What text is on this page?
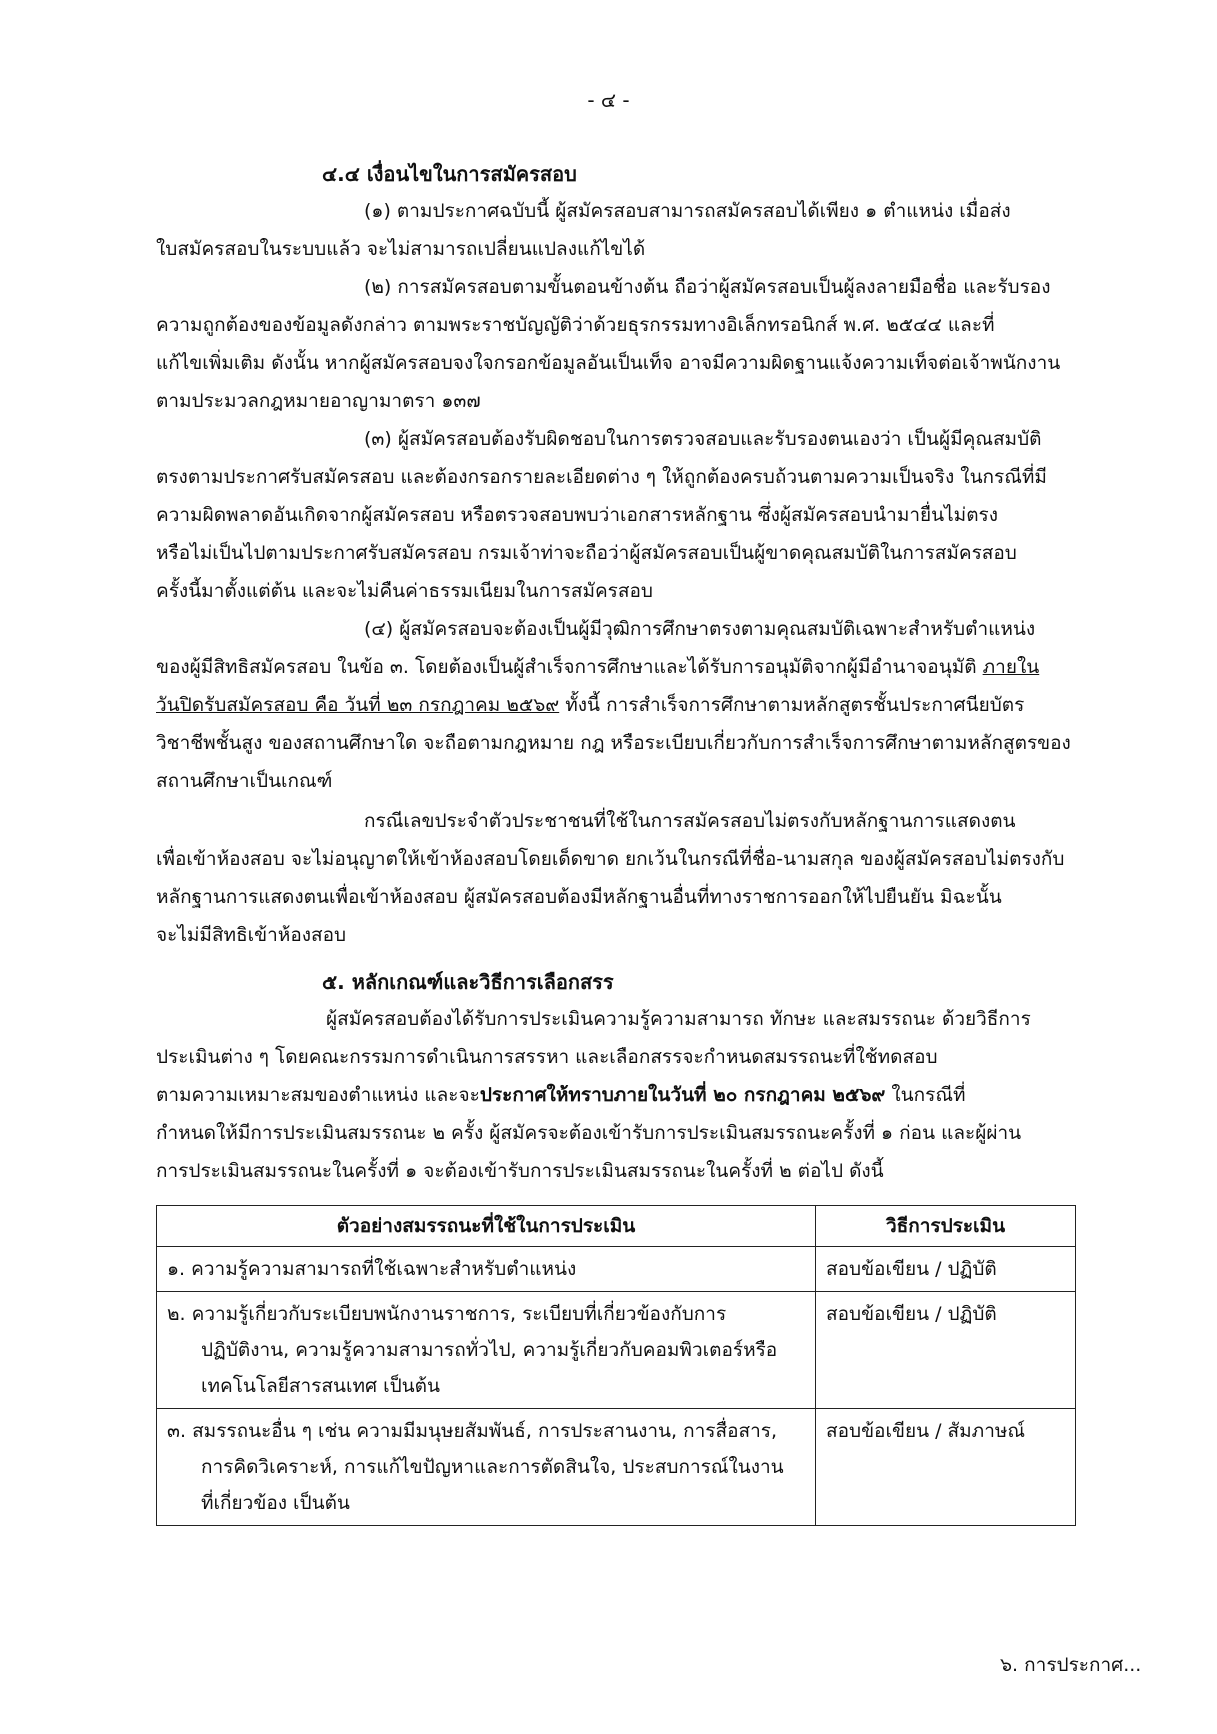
- ๔ -
๔.๔ เงื่อนไขในการสมัครสอบ
(๑) ตามประกาศฉบับนี้ ผู้สมัครสอบสามารถสมัครสอบได้เพียง ๑ ตำแหน่ง เมื่อส่ง
ใบสมัครสอบในระบบแล้ว จะไม่สามารถเปลี่ยนแปลงแก้ไขได้
(๒) การสมัครสอบตามขั้นตอนข้างต้น ถือว่าผู้สมัครสอบเป็นผู้ลงลายมือชื่อ และรับรอง
ความถูกต้องของข้อมูลดังกล่าว ตามพระราชบัญญัติว่าด้วยธุรกรรมทางอิเล็กทรอนิกส์ พ.ศ. ๒๕๔๔ และที่
แก้ไขเพิ่มเติม ดังนั้น หากผู้สมัครสอบจงใจกรอกข้อมูลอันเป็นเท็จ อาจมีความผิดฐานแจ้งความเท็จต่อเจ้าพนักงาน
ตามประมวลกฎหมายอาญามาตรา ๑๓๗
(๓) ผู้สมัครสอบต้องรับผิดชอบในการตรวจสอบและรับรองตนเองว่า เป็นผู้มีคุณสมบัติ
ตรงตามประกาศรับสมัครสอบ และต้องกรอกรายละเอียดต่าง ๆ ให้ถูกต้องครบถ้วนตามความเป็นจริง ในกรณีที่มี
ความผิดพลาดอันเกิดจากผู้สมัครสอบ หรือตรวจสอบพบว่าเอกสารหลักฐาน ซึ่งผู้สมัครสอบนำมายื่นไม่ตรง
หรือไม่เป็นไปตามประกาศรับสมัครสอบ กรมเจ้าท่าจะถือว่าผู้สมัครสอบเป็นผู้ขาดคุณสมบัติในการสมัครสอบ
ครั้งนี้มาตั้งแต่ต้น และจะไม่คืนค่าธรรมเนียมในการสมัครสอบ
(๔) ผู้สมัครสอบจะต้องเป็นผู้มีวุฒิการศึกษาตรงตามคุณสมบัติเฉพาะสำหรับตำแหน่ง
ของผู้มีสิทธิสมัครสอบ ในข้อ ๓. โดยต้องเป็นผู้สำเร็จการศึกษาและได้รับการอนุมัติจากผู้มีอำนาจอนุมัติ ภายใน
วันปิดรับสมัครสอบ คือ วันที่ ๒๓ กรกฎาคม ๒๕๖๙ ทั้งนี้ การสำเร็จการศึกษาตามหลักสูตรชั้นประกาศนียบัตร
วิชาชีพชั้นสูง ของสถานศึกษาใด จะถือตามกฎหมาย กฎ หรือระเบียบเกี่ยวกับการสำเร็จการศึกษาตามหลักสูตรของ
สถานศึกษาเป็นเกณฑ์
กรณีเลขประจำตัวประชาชนที่ใช้ในการสมัครสอบไม่ตรงกับหลักฐานการแสดงตน
เพื่อเข้าห้องสอบ จะไม่อนุญาตให้เข้าห้องสอบโดยเด็ดขาด ยกเว้นในกรณีที่ชื่อ-นามสกุล ของผู้สมัครสอบไม่ตรงกับ
หลักฐานการแสดงตนเพื่อเข้าห้องสอบ ผู้สมัครสอบต้องมีหลักฐานอื่นที่ทางราชการออกให้ไปยืนยัน มิฉะนั้น
จะไม่มีสิทธิเข้าห้องสอบ
๕. หลักเกณฑ์และวิธีการเลือกสรร
ผู้สมัครสอบต้องได้รับการประเมินความรู้ความสามารถ ทักษะ และสมรรถนะ ด้วยวิธีการ
ประเมินต่าง ๆ โดยคณะกรรมการดำเนินการสรรหา และเลือกสรรจะกำหนดสมรรถนะที่ใช้ทดสอบ
ตามความเหมาะสมของตำแหน่ง และจะประกาศให้ทราบภายในวันที่ ๒๐ กรกฎาคม ๒๕๖๙ ในกรณีที่
กำหนดให้มีการประเมินสมรรถนะ ๒ ครั้ง ผู้สมัครจะต้องเข้ารับการประเมินสมรรถนะครั้งที่ ๑ ก่อน และผู้ผ่าน
การประเมินสมรรถนะในครั้งที่ ๑ จะต้องเข้ารับการประเมินสมรรถนะในครั้งที่ ๒ ต่อไป ดังนี้
ตัวอย่างสมรรถนะที่ใช้ในการประเมิน	วิธีการประเมิน
๑. ความรู้ความสามารถที่ใช้เฉพาะสำหรับตำแหน่ง	สอบข้อเขียน / ปฏิบัติ
๒. ความรู้เกี่ยวกับระเบียบพนักงานราชการ, ระเบียบที่เกี่ยวข้องกับการ
ปฏิบัติงาน, ความรู้ความสามารถทั่วไป, ความรู้เกี่ยวกับคอมพิวเตอร์หรือ
เทคโนโลยีสารสนเทศ เป็นต้น	สอบข้อเขียน / ปฏิบัติ
๓. สมรรถนะอื่น ๆ เช่น ความมีมนุษยสัมพันธ์, การประสานงาน, การสื่อสาร,
การคิดวิเคราะห์, การแก้ไขปัญหาและการตัดสินใจ, ประสบการณ์ในงาน
ที่เกี่ยวข้อง เป็นต้น	สอบข้อเขียน / สัมภาษณ์
๖. การประกาศ...
